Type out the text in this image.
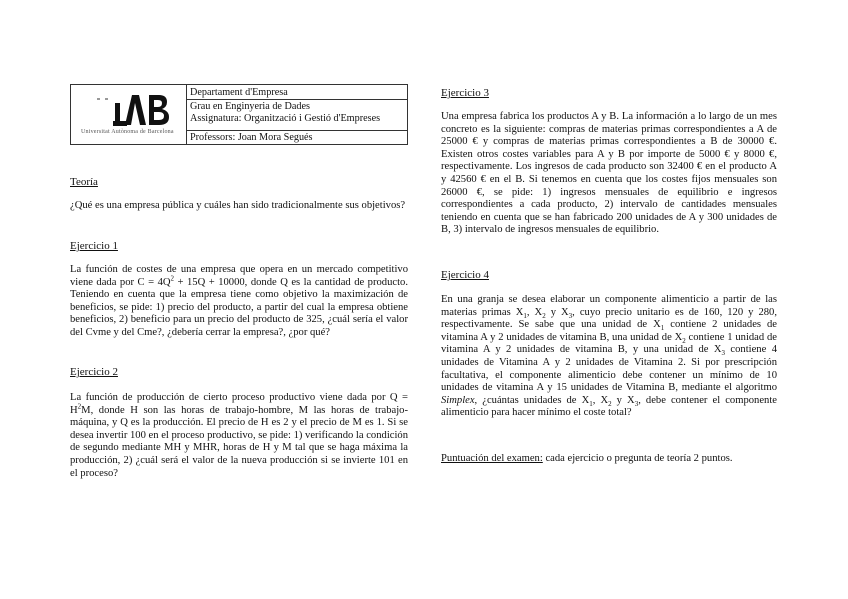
Universitat Autònoma de Barcelona
Departament d'Empresa
Grau en Enginyeria de Dades
Assignatura: Organització i Gestió d'Empreses
Professors: Joan Mora Segués
Teoría

¿Qué es una empresa pública y cuáles han sido tradicionalmente sus objetivos?

Ejercicio 1

La función de costes de una empresa que opera en un mercado competitivo viene dada por $C = 4Q^2 + 15Q + 10000$, donde Q es la cantidad de producto. Teniendo en cuenta que la empresa tiene como objetivo la maximización de beneficios, se pide: 1) precio del producto, a partir del cual la empresa obtiene beneficios, 2) beneficio para un precio del producto de 325, ¿cuál sería el valor del Cvme y del Cme?, ¿debería cerrar la empresa?, ¿por qué?

Ejercicio 2

La función de producción de cierto proceso productivo viene dada por $Q = H^2M$, donde H son las horas de trabajo-hombre, M las horas de trabajo-máquina, y Q es la producción. El precio de H es 2 y el precio de M es 1. Si se desea invertir 100 en el proceso productivo, se pide: 1) verificando la condición de segundo mediante MH y MHR, horas de H y M tal que se haga máxima la producción, 2) ¿cuál será el valor de la nueva producción si se invierte 101 en el proceso?

Ejercicio 3

Una empresa fabrica los productos A y B. La información a lo largo de un mes concreto es la siguiente: compras de materias primas correspondientes a A de 25000 € y compras de materias primas correspondientes a B de 30000 €. Existen otros costes variables para A y B por importe de 5000 € y 8000 €, respectivamente. Los ingresos de cada producto son 32400 € en el producto A y 42560 € en el B. Si tenemos en cuenta que los costes fijos mensuales son 26000 €, se pide: 1) ingresos mensuales de equilibrio e ingresos correspondientes a cada producto, 2) intervalo de cantidades mensuales teniendo en cuenta que se han fabricado 200 unidades de A y 300 unidades de B, 3) intervalo de ingresos mensuales de equilibrio.

Ejercicio 4

En una granja se desea elaborar un componente alimenticio a partir de las materias primas $X_1$, $X_2$ y $X_3$, cuyo precio unitario es de 160, 120 y 280, respectivamente. Se sabe que una unidad de $X_1$ contiene 2 unidades de vitamina A y 2 unidades de vitamina B, una unidad de $X_2$ contiene 1 unidad de vitamina A y 2 unidades de vitamina B, y una unidad de $X_3$ contiene 4 unidades de Vitamina A y 2 unidades de Vitamina 2. Si por prescripción facultativa, el componente alimenticio debe contener un mínimo de 10 unidades de vitamina A y 15 unidades de Vitamina B, mediante el algoritmo Simplex, ¿cuántas unidades de $X_1$, $X_2$ y $X_3$, debe contener el componente alimenticio para hacer mínimo el coste total?

Puntuación del examen: cada ejercicio o pregunta de teoría 2 puntos.
